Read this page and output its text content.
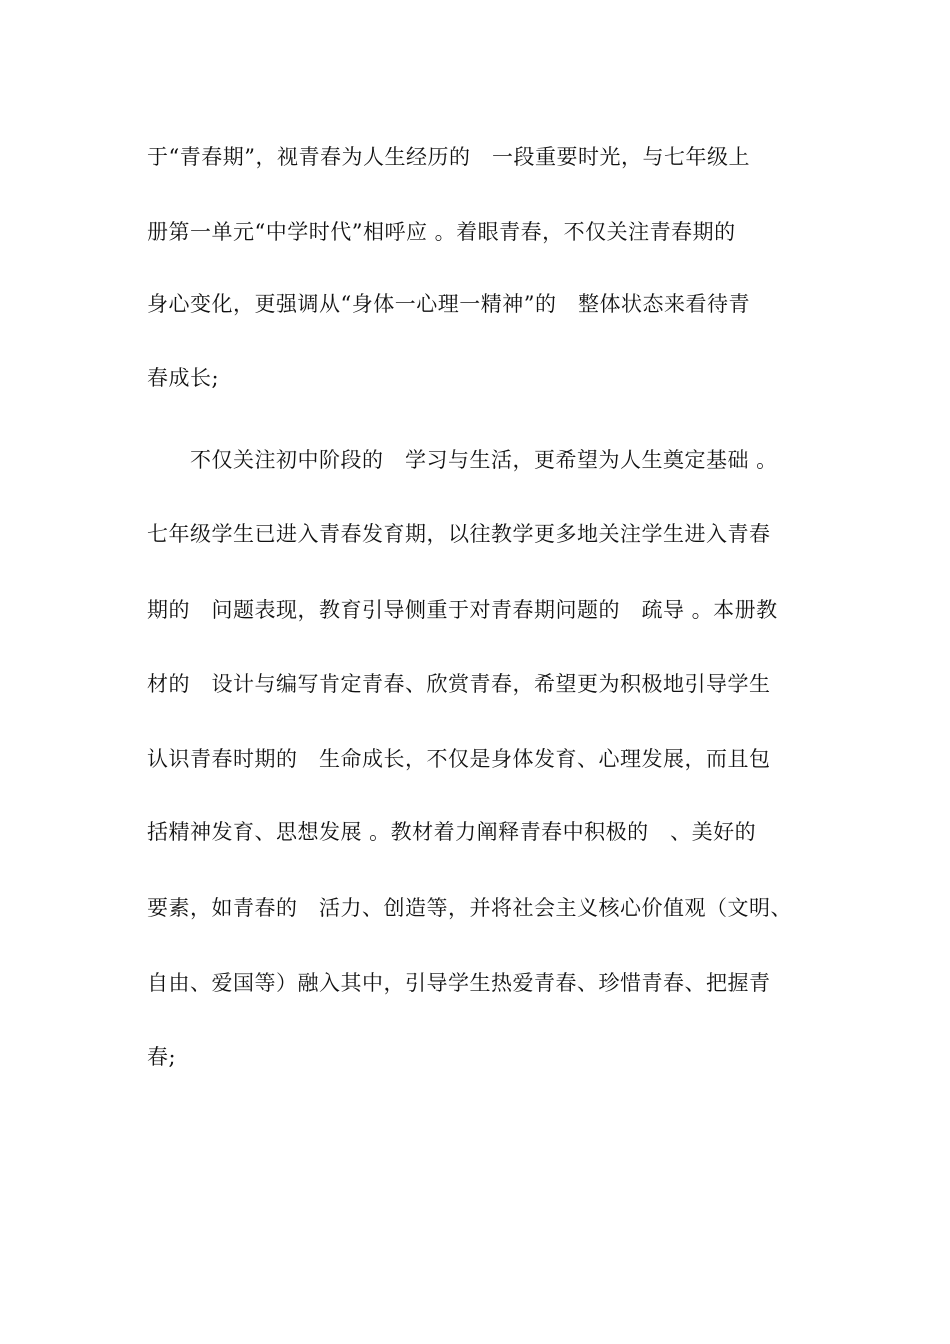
于“青春期”，视青春为人生经历的　一段重要时光，与七年级上
册第一单元“中学时代”相呼应 。着眼青春，不仅关注青春期的
身心变化，更强调从“身体一心理一精神”的　整体状态来看待青
春成长;
不仅关注初中阶段的　学习与生活，更希望为人生奠定基础 。
七年级学生已进入青春发育期，以往教学更多地关注学生进入青春
期的　问题表现，教育引导侧重于对青春期问题的　疏导 。本册教
材的　设计与编写肯定青春、欣赏青春，希望更为积极地引导学生
认识青春时期的　生命成长，不仅是身体发育、心理发展，而且包
括精神发育、思想发展 。教材着力阐释青春中积极的　、美好的
要素，如青春的　活力、创造等，并将社会主义核心价值观（文明、
自由、爱国等）融入其中，引导学生热爱青春、珍惜青春、把握青
春;
